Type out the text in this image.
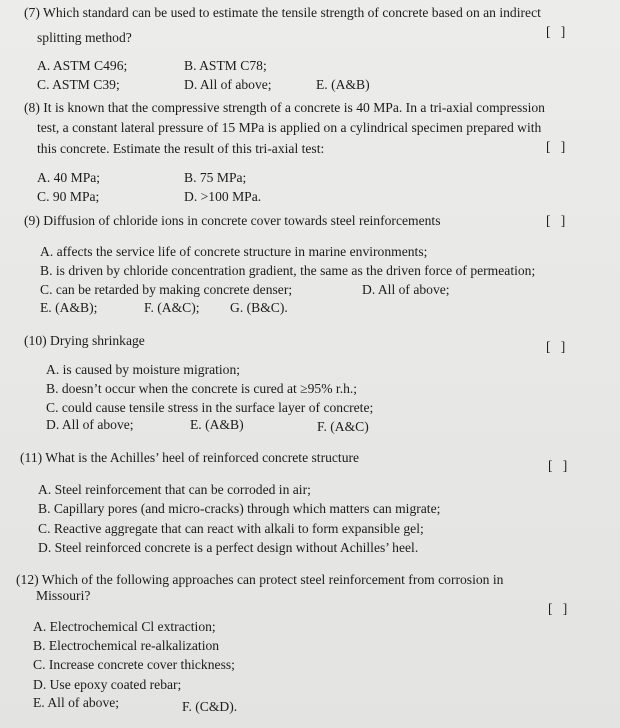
(7) Which standard can be used to estimate the tensile strength of concrete based on an indirect
splitting method?	[   ]
A. ASTM C496;	B. ASTM C78;
C. ASTM C39;	D. All of above;	E. (A&B)
(8) It is known that the compressive strength of a concrete is 40 MPa. In a tri-axial compression
test, a constant lateral pressure of 15 MPa is applied on a cylindrical specimen prepared with
this concrete. Estimate the result of this tri-axial test:	[   ]
A. 40 MPa;	B. 75 MPa;
C. 90 MPa;	D. >100 MPa.
(9) Diffusion of chloride ions in concrete cover towards steel reinforcements	[   ]
A. affects the service life of concrete structure in marine environments;
B. is driven by chloride concentration gradient, the same as the driven force of permeation;
C. can be retarded by making concrete denser;	D. All of above;
E. (A&B);	F. (A&C); G. (B&C).
(10) Drying shrinkage	[   ]
A. is caused by moisture migration;
B. doesn’t occur when the concrete is cured at ≥95% r.h.;
C. could cause tensile stress in the surface layer of concrete;
D. All of above;	E. (A&B)	F. (A&C)
(11) What is the Achilles’ heel of reinforced concrete structure
[   ]
A. Steel reinforcement that can be corroded in air;
B. Capillary pores (and micro-cracks) through which matters can migrate;
C. Reactive aggregate that can react with alkali to form expansible gel;
D. Steel reinforced concrete is a perfect design without Achilles’ heel.
(12) Which of the following approaches can protect steel reinforcement from corrosion in
Missouri?
[   ]
A. Electrochemical Cl extraction;
B. Electrochemical re-alkalization
C. Increase concrete cover thickness;
D. Use epoxy coated rebar;
E. All of above;	F. (C&D).
